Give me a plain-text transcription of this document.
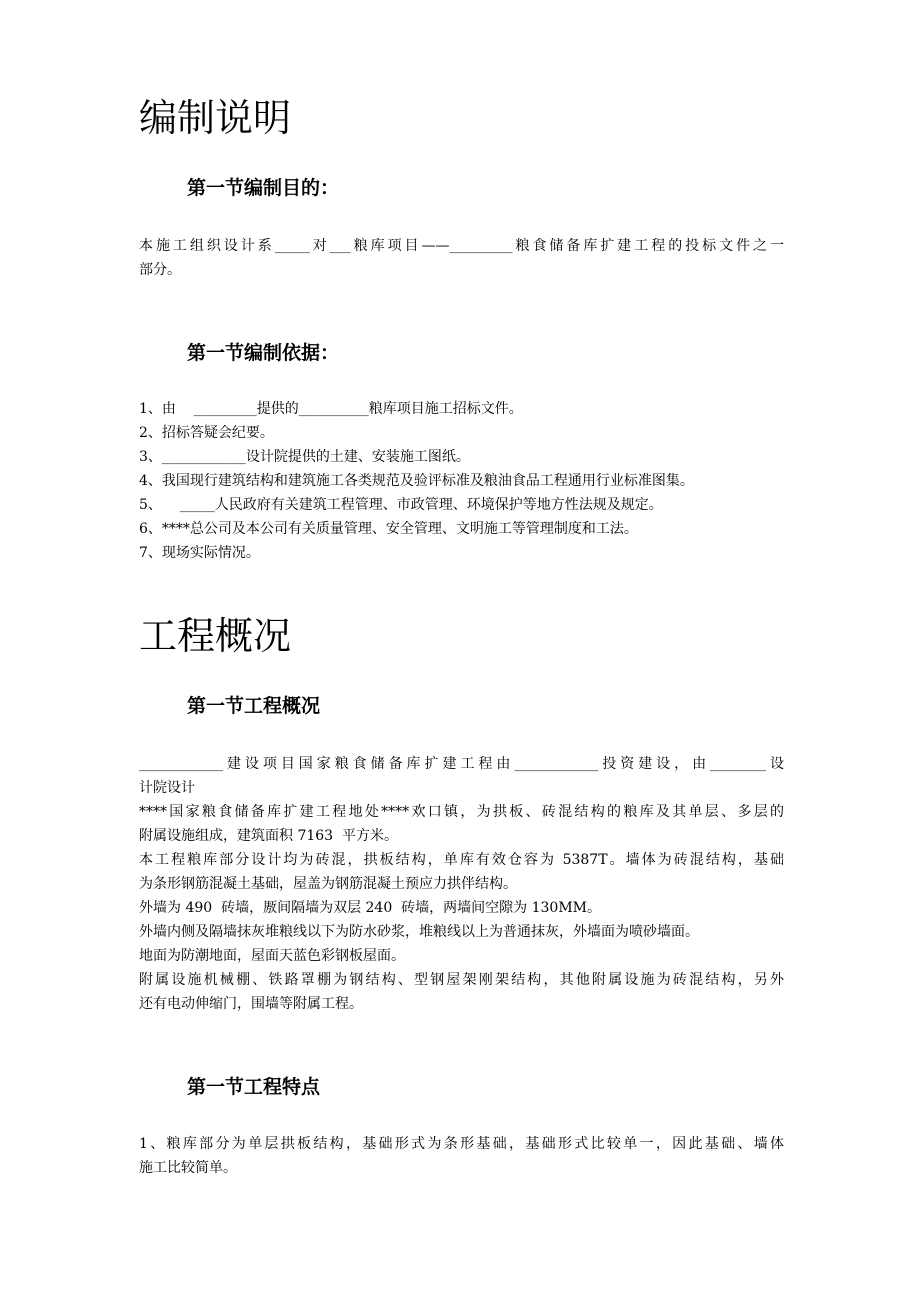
编制说明
第一节编制目的：
本施工组织设计系_____对___粮库项目——_________粮食储备库扩建工程的投标文件之一
部分。
第一节编制依据：
1、由    _________提供的__________粮库项目施工招标文件。
2、招标答疑会纪要。
3、____________设计院提供的土建、安装施工图纸。
4、我国现行建筑结构和建筑施工各类规范及验评标准及粮油食品工程通用行业标准图集。
5、    _____人民政府有关建筑工程管理、市政管理、环境保护等地方性法规及规定。
6、****总公司及本公司有关质量管理、安全管理、文明施工等管理制度和工法。
7、现场实际情况。
工程概况
第一节工程概况
____________建设项目国家粮食储备库扩建工程由____________投资建设，由________设
计院设计
****国家粮食储备库扩建工程地处****欢口镇，为拱板、砖混结构的粮库及其单层、多层的
附属设施组成，建筑面积 7163  平方米。
本工程粮库部分设计均为砖混，拱板结构，单库有效仓容为 5387T。墙体为砖混结构，基础
为条形钢筋混凝土基础，屋盖为钢筋混凝土预应力拱伴结构。
外墙为 490  砖墙，厫间隔墙为双层 240  砖墙，两墙间空隙为 130MM。
外墙内侧及隔墙抹灰堆粮线以下为防水砂浆，堆粮线以上为普通抹灰，外墙面为喷砂墙面。
地面为防潮地面，屋面天蓝色彩钢板屋面。
附属设施机械棚、铁路罩棚为钢结构、型钢屋架刚架结构，其他附属设施为砖混结构，另外
还有电动伸缩门，围墙等附属工程。
第一节工程特点
1、粮库部分为单层拱板结构，基础形式为条形基础，基础形式比较单一，因此基础、墙体
施工比较简单。
